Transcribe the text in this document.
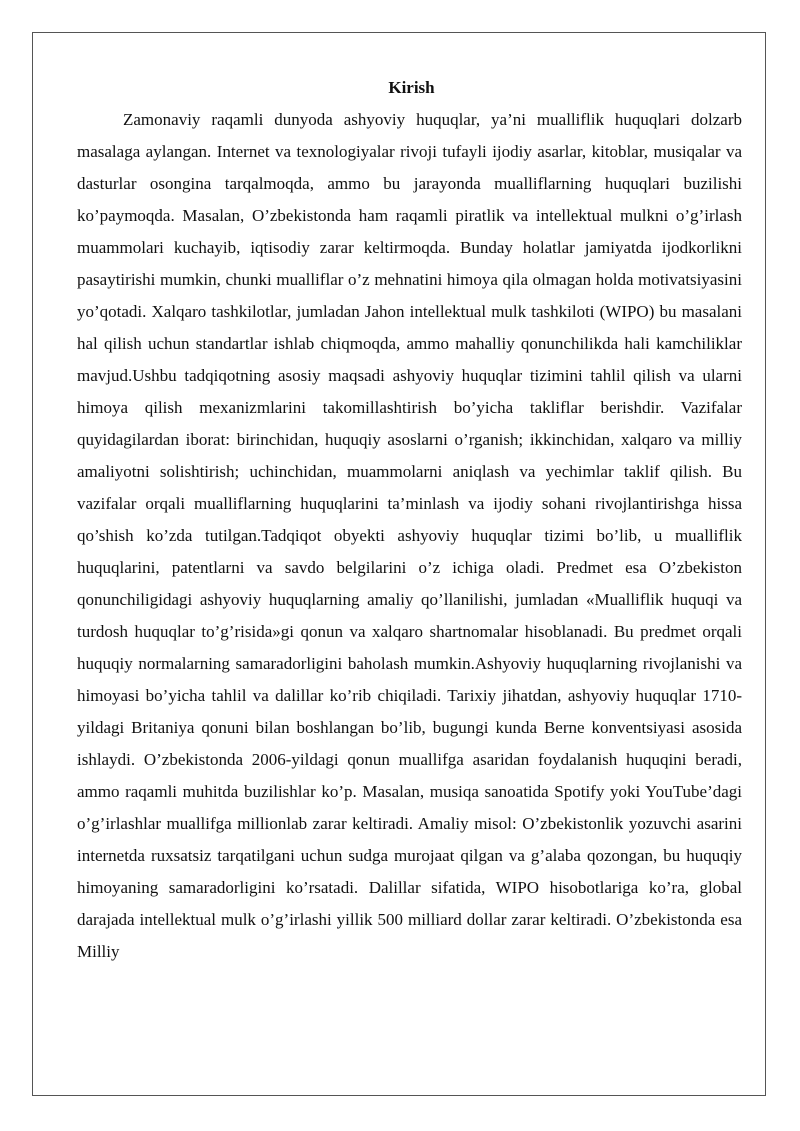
Kirish

Zamonaviy raqamli dunyoda ashyoviy huquqlar, ya’ni mualliflik huquqlari dolzarb masalaga aylangan. Internet va texnologiyalar rivoji tufayli ijodiy asarlar, kitoblar, musiqalar va dasturlar osongina tarqalmoqda, ammo bu jarayonda mualliflarning huquqlari buzilishi ko’paymoqda. Masalan, O’zbekistonda ham raqamli piratlik va intellektual mulkni o’g’irlash muammolari kuchayib, iqtisodiy zarar keltirmoqda. Bunday holatlar jamiyatda ijodkorlikni pasaytirishi mumkin, chunki mualliflar o’z mehnatini himoya qila olmagan holda motivatsiyasini yo’qotadi. Xalqaro tashkilotlar, jumladan Jahon intellektual mulk tashkiloti (WIPO) bu masalani hal qilish uchun standartlar ishlab chiqmoqda, ammo mahalliy qonunchilikda hali kamchiliklar mavjud.Ushbu tadqiqotning asosiy maqsadi ashyoviy huquqlar tizimini tahlil qilish va ularni himoya qilish mexanizmlarini takomillashtirish bo’yicha takliflar berishdir. Vazifalar quyidagilardan iborat: birinchidan, huquqiy asoslarni o’rganish; ikkinchidan, xalqaro va milliy amaliyotni solishtirish; uchinchidan, muammolarni aniqlash va yechimlar taklif qilish. Bu vazifalar orqali mualliflarning huquqlarini ta’minlash va ijodiy sohani rivojlantirishga hissa qo’shish ko’zda tutilgan.Tadqiqot obyekti ashyoviy huquqlar tizimi bo’lib, u mualliflik huquqlarini, patentlarni va savdo belgilarini o’z ichiga oladi. Predmet esa O’zbekiston qonunchiligidagi ashyoviy huquqlarning amaliy qo’llanilishi, jumladan «Mualliflik huquqi va turdosh huquqlar to’g’risida»gi qonun va xalqaro shartnomalar hisoblanadi. Bu predmet orqali huquqiy normalarning samaradorligini baholash mumkin.Ashyoviy huquqlarning rivojlanishi va himoyasi bo’yicha tahlil va dalillar ko’rib chiqiladi. Tarixiy jihatdan, ashyoviy huquqlar 1710-yildagi Britaniya qonuni bilan boshlangan bo’lib, bugungi kunda Berne konventsiyasi asosida ishlaydi. O’zbekistonda 2006-yildagi qonun muallifga asaridan foydalanish huquqini beradi, ammo raqamli muhitda buzilishlar ko’p. Masalan, musiqa sanoatida Spotify yoki YouTube’dagi o’g’irlashlar muallifga millionlab zarar keltiradi. Amaliy misol: O’zbekistonlik yozuvchi asarini internetda ruxsatsiz tarqatilgani uchun sudga murojaat qilgan va g’alaba qozongan, bu huquqiy himoyaning samaradorligini ko’rsatadi. Dalillar sifatida, WIPO hisobotlariga ko’ra, global darajada intellektual mulk o’g’irlashi yillik 500 milliard dollar zarar keltiradi. O’zbekistonda esa Milliy
